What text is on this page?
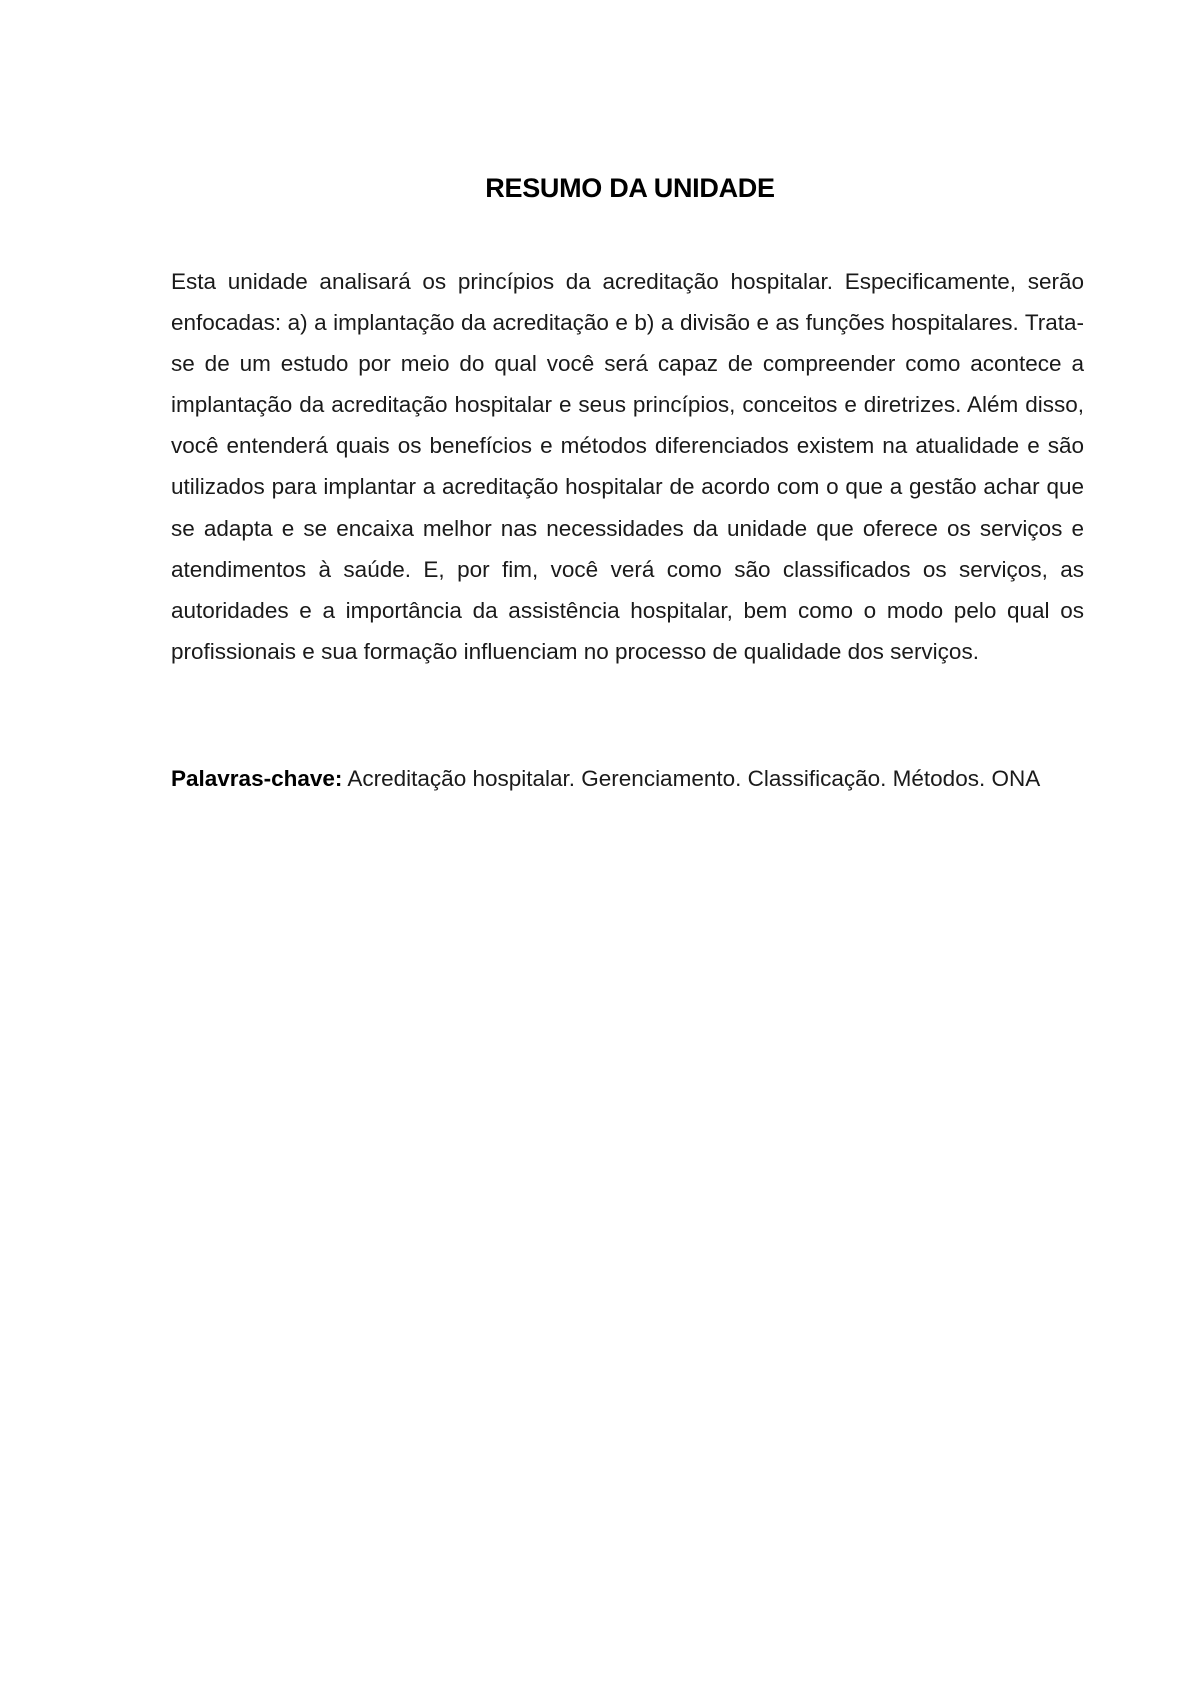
RESUMO DA UNIDADE

Esta unidade analisará os princípios da acreditação hospitalar. Especificamente, serão enfocadas: a) a implantação da acreditação e b) a divisão e as funções hospitalares. Trata-se de um estudo por meio do qual você será capaz de compreender como acontece a implantação da acreditação hospitalar e seus princípios, conceitos e diretrizes. Além disso, você entenderá quais os benefícios e métodos diferenciados existem na atualidade e são utilizados para implantar a acreditação hospitalar de acordo com o que a gestão achar que se adapta e se encaixa melhor nas necessidades da unidade que oferece os serviços e atendimentos à saúde. E, por fim, você verá como são classificados os serviços, as autoridades e a importância da assistência hospitalar, bem como o modo pelo qual os profissionais e sua formação influenciam no processo de qualidade dos serviços.

Palavras-chave: Acreditação hospitalar. Gerenciamento. Classificação. Métodos. ONA
